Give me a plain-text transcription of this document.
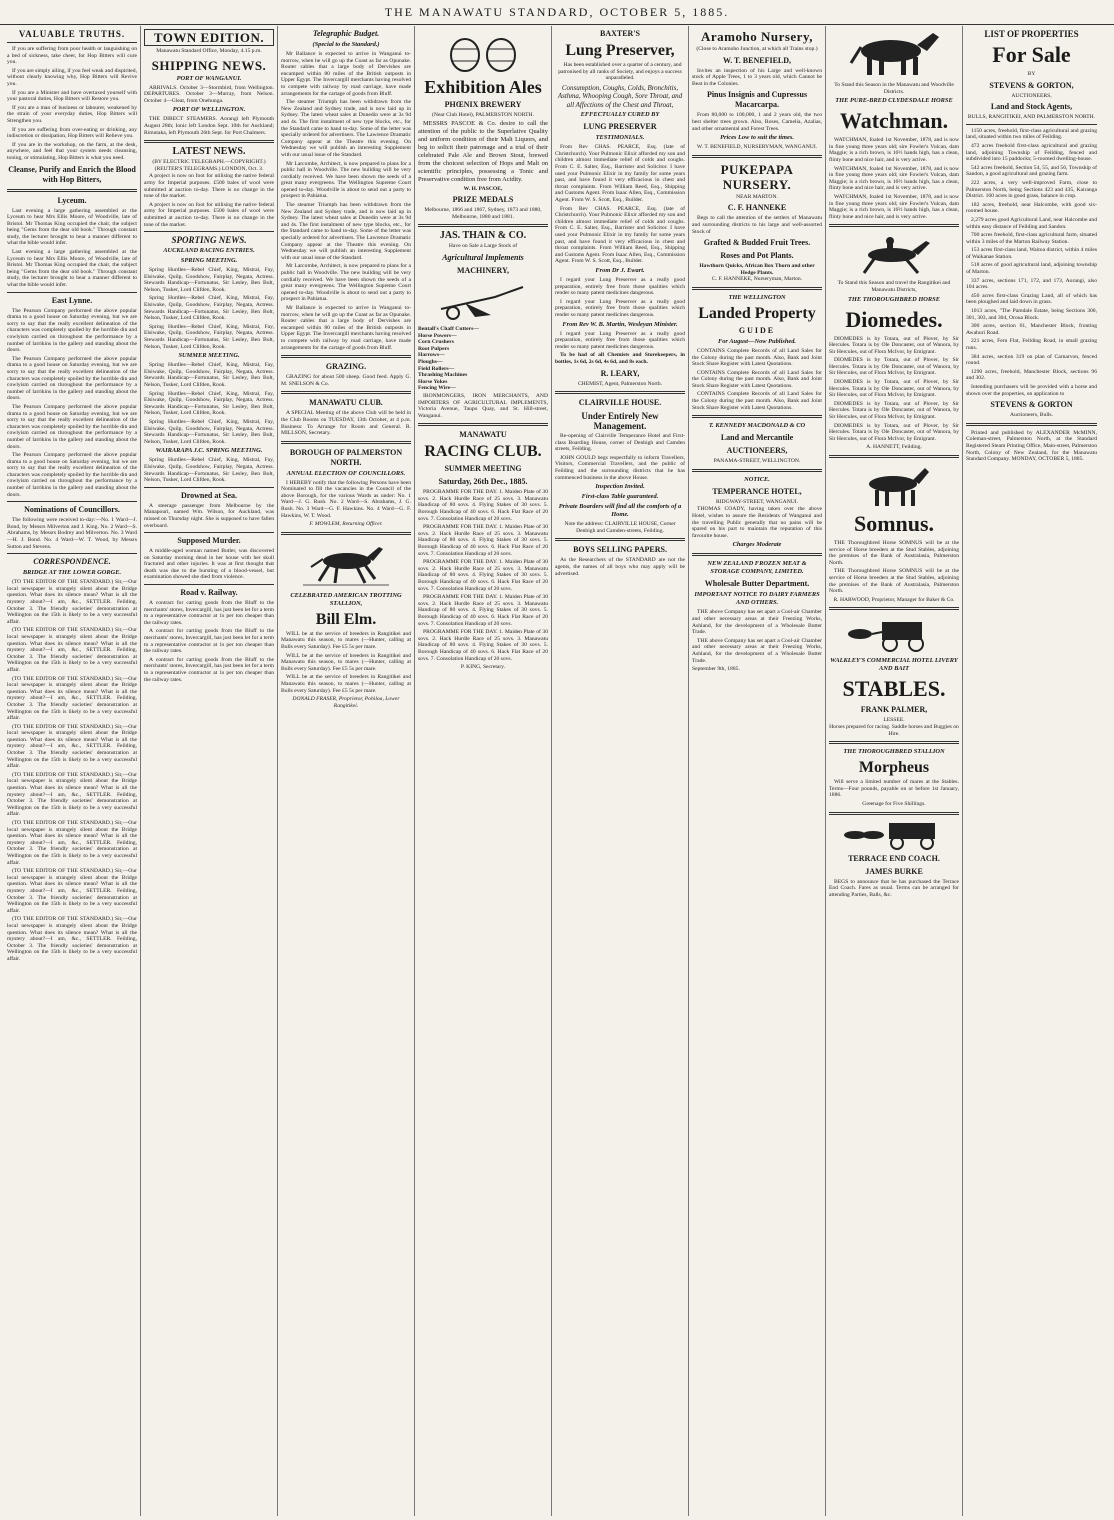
THE MANAWATU STANDARD, OCTOBER 5, 1885.
VALUABLE TRUTHS.
If you are suffering from poor health or languishing on a bed of sickness, take cheer, for Hop Bitters will cure you.
If you are simply ailing, if you feel weak and dispirited, without clearly knowing why, Hop Bitters will Revive you.
If you are a Minister and have overtaxed yourself with your pastoral duties, Hop Bitters will Restore you.
If you are a man of business or labourer, weakened by the strain of your everyday duties, Hop Bitters will Strengthen you.
If you are suffering from over-eating or drinking, any indiscretion or dissipation, Hop Bitters will Relieve you.
If you are in the workshop, on the farm, at the desk, anywhere, and feel that your system needs cleansing, toning, or stimulating, Hop Bitters is what you need.
Cleanse, Purify and Enrich the Blood with Hop Bitters,
Lyceum.
Last evening a large gathering assembled at the Lyceum to hear Mrs Ellis Moore, of Woodville, late of Bristol. Mr Thomas King occupied the chair, the subject being "Gems from the dear old book." Through constant study, the lecturer brought to bear a manner different to what the bible would infer.
Last evening a large gathering assembled at the Lyceum to hear Mrs Ellis Moore, of Woodville, late of Bristol. Mr Thomas King occupied the chair, the subject being "Gems from the dear old book." Through constant study, the lecturer brought to bear a manner different to what the bible would infer.
East Lynne.
The Pearson Company performed the above popular drama to a good house on Saturday evening, but we are sorry to say that the really excellent delineation of the characters was completely spoiled by the horrible din and cowlyism carried on throughout the performance by a number of larrikins in the gallery and standing about the doors.
The Pearson Company performed the above popular drama to a good house on Saturday evening, but we are sorry to say that the really excellent delineation of the characters was completely spoiled by the horrible din and cowlyism carried on throughout the performance by a number of larrikins in the gallery and standing about the doors.
The Pearson Company performed the above popular drama to a good house on Saturday evening, but we are sorry to say that the really excellent delineation of the characters was completely spoiled by the horrible din and cowlyism carried on throughout the performance by a number of larrikins in the gallery and standing about the doors.
The Pearson Company performed the above popular drama to a good house on Saturday evening, but we are sorry to say that the really excellent delineation of the characters was completely spoiled by the horrible din and cowlyism carried on throughout the performance by a number of larrikins in the gallery and standing about the doors.
Nominations of Councillors.
The following were received to-day:—No. 1 Ward—J. Bond, by Messrs Milverton and J. King. No. 2 Ward—S. Abrahams, by Messrs Bodrey and Milverton. No. 3 Ward—H. J. Bond. No. 4 Ward—W. T. Wood, by Messrs Sutton and Stevens.
CORRESPONDENCE.
BRIDGE AT THE LOWER GORGE.
(TO THE EDITOR OF THE STANDARD.) Sir,—Our local newspaper is strangely silent about the Bridge question. What does its silence mean? What is all the mystery about?—I am, &c., SETTLER. Feilding, October 3. The friendly societies' demonstration at Wellington on the 15th is likely to be a very successful affair.
(TO THE EDITOR OF THE STANDARD.) Sir,—Our local newspaper is strangely silent about the Bridge question. What does its silence mean? What is all the mystery about?—I am, &c., SETTLER. Feilding, October 3. The friendly societies' demonstration at Wellington on the 15th is likely to be a very successful affair.
(TO THE EDITOR OF THE STANDARD.) Sir,—Our local newspaper is strangely silent about the Bridge question. What does its silence mean? What is all the mystery about?—I am, &c., SETTLER. Feilding, October 3. The friendly societies' demonstration at Wellington on the 15th is likely to be a very successful affair.
(TO THE EDITOR OF THE STANDARD.) Sir,—Our local newspaper is strangely silent about the Bridge question. What does its silence mean? What is all the mystery about?—I am, &c., SETTLER. Feilding, October 3. The friendly societies' demonstration at Wellington on the 15th is likely to be a very successful affair.
(TO THE EDITOR OF THE STANDARD.) Sir,—Our local newspaper is strangely silent about the Bridge question. What does its silence mean? What is all the mystery about?—I am, &c., SETTLER. Feilding, October 3. The friendly societies' demonstration at Wellington on the 15th is likely to be a very successful affair.
(TO THE EDITOR OF THE STANDARD.) Sir,—Our local newspaper is strangely silent about the Bridge question. What does its silence mean? What is all the mystery about?—I am, &c., SETTLER. Feilding, October 3. The friendly societies' demonstration at Wellington on the 15th is likely to be a very successful affair.
(TO THE EDITOR OF THE STANDARD.) Sir,—Our local newspaper is strangely silent about the Bridge question. What does its silence mean? What is all the mystery about?—I am, &c., SETTLER. Feilding, October 3. The friendly societies' demonstration at Wellington on the 15th is likely to be a very successful affair.
(TO THE EDITOR OF THE STANDARD.) Sir,—Our local newspaper is strangely silent about the Bridge question. What does its silence mean? What is all the mystery about?—I am, &c., SETTLER. Feilding, October 3. The friendly societies' demonstration at Wellington on the 15th is likely to be a very successful affair.
TOWN EDITION.
Manawatu Standard Office, Monday, 4.15 p.m.
SHIPPING NEWS.
PORT OF WANGANUI.
ARRIVALS. October 3—Stormbird, from Wellington. DEPARTURES. October 3—Murray, from Nelson. October 4—Gleat, from Onehunga.
PORT OF WELLINGTON.
THE DIRECT STEAMERS. Aorangi left Plymouth August 28th; Ionic left London Sept. 10th for Auckland; Rimutaka, left Plymouth 26th Sept. for Port Chalmers.
LATEST NEWS.
(BY ELECTRIC TELEGRAPH.—COPYRIGHT.) (REUTER'S TELEGRAMS.) LONDON, Oct. 3.
A project is now on foot for utilising the native federal army for Imperial purposes. £500 bales of wool were submitted at auction to-day. There is no change in the tone of the market.
A project is now on foot for utilising the native federal army for Imperial purposes. £500 bales of wool were submitted at auction to-day. There is no change in the tone of the market.
SPORTING NEWS.
AUCKLAND RACING ENTRIES.
SPRING MEETING.
Spring Hurdles—Rebel Chief, King, Mistral, Fay, Elsiwake, Quilp, Goodshow, Fairplay, Negata, Actress. Stewards Handicap—Fortunatus, Sir Lesley, Ben Bolt, Nelson, Tusker, Lord Clifden, Rook.
Spring Hurdles—Rebel Chief, King, Mistral, Fay, Elsiwake, Quilp, Goodshow, Fairplay, Negata, Actress. Stewards Handicap—Fortunatus, Sir Lesley, Ben Bolt, Nelson, Tusker, Lord Clifden, Rook.
Spring Hurdles—Rebel Chief, King, Mistral, Fay, Elsiwake, Quilp, Goodshow, Fairplay, Negata, Actress. Stewards Handicap—Fortunatus, Sir Lesley, Ben Bolt, Nelson, Tusker, Lord Clifden, Rook.
SUMMER MEETING.
Spring Hurdles—Rebel Chief, King, Mistral, Fay, Elsiwake, Quilp, Goodshow, Fairplay, Negata, Actress. Stewards Handicap—Fortunatus, Sir Lesley, Ben Bolt, Nelson, Tusker, Lord Clifden, Rook.
Spring Hurdles—Rebel Chief, King, Mistral, Fay, Elsiwake, Quilp, Goodshow, Fairplay, Negata, Actress. Stewards Handicap—Fortunatus, Sir Lesley, Ben Bolt, Nelson, Tusker, Lord Clifden, Rook.
Spring Hurdles—Rebel Chief, King, Mistral, Fay, Elsiwake, Quilp, Goodshow, Fairplay, Negata, Actress. Stewards Handicap—Fortunatus, Sir Lesley, Ben Bolt, Nelson, Tusker, Lord Clifden, Rook.
WAIRARAPA J.C. SPRING MEETING.
Spring Hurdles—Rebel Chief, King, Mistral, Fay, Elsiwake, Quilp, Goodshow, Fairplay, Negata, Actress. Stewards Handicap—Fortunatus, Sir Lesley, Ben Bolt, Nelson, Tusker, Lord Clifden, Rook.
Drowned at Sea.
A steerage passenger from Melbourne by the Manapouri, named Wm. Wilson, for Auckland, was missed on Thursday night. She is supposed to have fallen overboard.
Supposed Murder.
A middle-aged woman named Butler, was discovered on Saturday morning dead in her house with her skull fractured and other injuries. It was at first thought that death was due to the bursting of a blood-vessel, but examination showed she died from violence.
Road v. Railway.
A contract for carting goods from the Bluff to the merchants' stores, Invercargill, has just been let for a term to a representative contractor at 1s per ton cheaper than the railway rates.
A contract for carting goods from the Bluff to the merchants' stores, Invercargill, has just been let for a term to a representative contractor at 1s per ton cheaper than the railway rates.
A contract for carting goods from the Bluff to the merchants' stores, Invercargill, has just been let for a term to a representative contractor at 1s per ton cheaper than the railway rates.
Telegraphic Budget.
(Special to the Standard.)
Mr Ballance is expected to arrive in Wanganui to-morrow, when he will go up the Coast as far as Opunake. Router cables that a large body of Dervishes are encamped within 80 miles of the British outposts in Upper Egypt. The Invercargill merchants having resolved to compete with railway by road carriage, have made arrangements for the cartage of goods from Bluff.
The steamer Triumph has been withdrawn from the New Zealand and Sydney trade, and is now laid up in Sydney. The latest wheat sales at Dunedin were at 3s 9d and 4s. The first instalment of new type blocks, etc., for the Standard came to hand to-day. Some of the letter was specially ordered for advertisers. The Lawrence Dramatic Company appear at the Theatre this evening. On Wednesday we will publish an interesting Supplement with our usual issue of the Standard.
Mr Larcombe, Architect, is now prepared to plans for a public hall in Woodville. The new building will be very cordially received. We have been shown the seeds of a great many evergreens. The Wellington Supreme Court opened to-day. Woodville is about to send out a party to prospect in Pahiatua.
The steamer Triumph has been withdrawn from the New Zealand and Sydney trade, and is now laid up in Sydney. The latest wheat sales at Dunedin were at 3s 9d and 4s. The first instalment of new type blocks, etc., for the Standard came to hand to-day. Some of the letter was specially ordered for advertisers. The Lawrence Dramatic Company appear at the Theatre this evening. On Wednesday we will publish an interesting Supplement with our usual issue of the Standard.
Mr Larcombe, Architect, is now prepared to plans for a public hall in Woodville. The new building will be very cordially received. We have been shown the seeds of a great many evergreens. The Wellington Supreme Court opened to-day. Woodville is about to send out a party to prospect in Pahiatua.
Mr Ballance is expected to arrive in Wanganui to-morrow, when he will go up the Coast as far as Opunake. Router cables that a large body of Dervishes are encamped within 80 miles of the British outposts in Upper Egypt. The Invercargill merchants having resolved to compete with railway by road carriage, have made arrangements for the cartage of goods from Bluff.
GRAZING.
GRAZING for about 500 sheep. Good feed. Apply G. M. SNELSON & Co.
MANAWATU CLUB.
A SPECIAL Meeting of the above Club will be held in the Club Rooms on TUESDAY, 13th October, at 4 p.m. Business: To Arrange for Room and General. R. MILLSON, Secretary.
BOROUGH OF PALMERSTON NORTH.
ANNUAL ELECTION OF COUNCILLORS.
I HEREBY notify that the following Persons have been Nominated to fill the vacancies in the Council of the above Borough, for the various Wards as under: No. 1 Ward—J. G. Rush. No. 2 Ward—S. Abrahams, J. G. Rush. No. 3 Ward—G. F. Hawkins. No. 4 Ward—G. F. Hawkins, W. T. Wood.
F. MOWLEM, Returning Officer.
CELEBRATED AMERICAN TROTTING STALLION,
Bill Elm.
WILL be at the service of breeders in Rangitikei and Manawatu this season, to mares (—Hunter, calling at Bulls every Saturday). Fee £5 5s per mare.
WILL be at the service of breeders in Rangitikei and Manawatu this season, to mares (—Hunter, calling at Bulls every Saturday). Fee £5 5s per mare.
WILL be at the service of breeders in Rangitikei and Manawatu this season, to mares (—Hunter, calling at Bulls every Saturday). Fee £5 5s per mare.
DONALD FRASER, Proprietor, Pohiloa, Lower Rangitikei.
Exhibition Ales
PHŒNIX BREWERY
(Near Club Hotel), PALMERSTON NORTH.
MESSRS PASCOE & Co. desire to call the attention of the public to the Superlative Quality and uniform condition of their Malt Liquors, and beg to solicit their patronage and a trial of their celebrated Pale Ale and Brown Stout, brewed from the choicest selection of Hops and Malt on scientific principles, possessing a Tonic and Preservative condition free from Acidity.
W. H. PASCOE,
PRIZE MEDALS
Melbourne, 1866 and 1867, Sydney, 1873 and 1880, Melbourne, 1880 and 1881.
JAS. THAIN & CO.
Have on Sale a Large Stock of
Agricultural Implements
MACHINERY,
Bentall's Chaff Cutters—
Horse Powers—
Corn Crushers
Root Pulpers
Harrows—
Ploughs—
Field Rollers—
Thrashing Machines
Horse Yokes
Fencing Wire—
IRONMONGERS, IRON MERCHANTS, AND IMPORTERS OF AGRICULTURAL IMPLEMENTS, Victoria Avenue, Taupo Quay, and St. Hill-street, Wanganui.
MANAWATU
RACING CLUB.
SUMMER MEETING
Saturday, 26th Dec., 1885.
PROGRAMME FOR THE DAY. 1. Maiden Plate of 30 sovs. 2. Hack Hurdle Race of 25 sovs. 3. Manawatu Handicap of 80 sovs. 4. Flying Stakes of 30 sovs. 5. Borough Handicap of 40 sovs. 6. Hack Flat Race of 20 sovs. 7. Consolation Handicap of 20 sovs.
PROGRAMME FOR THE DAY. 1. Maiden Plate of 30 sovs. 2. Hack Hurdle Race of 25 sovs. 3. Manawatu Handicap of 80 sovs. 4. Flying Stakes of 30 sovs. 5. Borough Handicap of 40 sovs. 6. Hack Flat Race of 20 sovs. 7. Consolation Handicap of 20 sovs.
PROGRAMME FOR THE DAY. 1. Maiden Plate of 30 sovs. 2. Hack Hurdle Race of 25 sovs. 3. Manawatu Handicap of 80 sovs. 4. Flying Stakes of 30 sovs. 5. Borough Handicap of 40 sovs. 6. Hack Flat Race of 20 sovs. 7. Consolation Handicap of 20 sovs.
PROGRAMME FOR THE DAY. 1. Maiden Plate of 30 sovs. 2. Hack Hurdle Race of 25 sovs. 3. Manawatu Handicap of 80 sovs. 4. Flying Stakes of 30 sovs. 5. Borough Handicap of 40 sovs. 6. Hack Flat Race of 20 sovs. 7. Consolation Handicap of 20 sovs.
PROGRAMME FOR THE DAY. 1. Maiden Plate of 30 sovs. 2. Hack Hurdle Race of 25 sovs. 3. Manawatu Handicap of 80 sovs. 4. Flying Stakes of 30 sovs. 5. Borough Handicap of 40 sovs. 6. Hack Flat Race of 20 sovs. 7. Consolation Handicap of 20 sovs.
P. KING, Secretary.
BAXTER'S
Lung Preserver,
Has been established over a quarter of a century, and patronised by all ranks of Society, and enjoys a success unparalleled.
Consumption, Coughs, Colds, Bronchitis, Asthma, Whooping Cough, Sore Throat, and all Affections of the Chest and Throat,
EFFECTUALLY CURED BY
LUNG PRESERVER
TESTIMONIALS.
From Rev CHAS. PEARCE, Esq. (late of Christchurch). Your Pulmonic Elixir afforded my son and children almost immediate relief of colds and coughs. From C. E. Salter, Esq., Barrister and Solicitor. I have used your Pulmonic Elixir in my family for some years past, and have found it very efficacious in chest and throat complaints. From William Reed, Esq., Shipping and Customs Agent. From Isaac Allen, Esq., Commission Agent. From W. S. Scott, Esq., Builder.
From Rev CHAS. PEARCE, Esq. (late of Christchurch). Your Pulmonic Elixir afforded my son and children almost immediate relief of colds and coughs. From C. E. Salter, Esq., Barrister and Solicitor. I have used your Pulmonic Elixir in my family for some years past, and have found it very efficacious in chest and throat complaints. From William Reed, Esq., Shipping and Customs Agent. From Isaac Allen, Esq., Commission Agent. From W. S. Scott, Esq., Builder.
From Dr J. Ewart.
I regard your Lung Preserver as a really good preparation, entirely free from those qualities which render so many patent medicines dangerous.
I regard your Lung Preserver as a really good preparation, entirely free from those qualities which render so many patent medicines dangerous.
From Rev W. B. Martin, Wesleyan Minister.
I regard your Lung Preserver as a really good preparation, entirely free from those qualities which render so many patent medicines dangerous.
To be had of all Chemists and Storekeepers, in bottles, 1s 6d, 2s 6d, 4s 6d, and 8s each.
R. LEARY,
CHEMIST, Agent, Palmerston North.
CLAIRVILLE HOUSE.
Under Entirely New Management.
Re-opening of Clairville Temperance Hotel and First-class Boarding House, corner of Denbigh and Camden streets, Feilding.
JOHN GOULD begs respectfully to inform Travellers, Visitors, Commercial Travellers, and the public of Feilding and the surrounding districts that he has commenced business in the above House.
Inspection Invited.
First-class Table guaranteed.
Private Boarders will find all the comforts of a Home.
Note the address: CLAIRVILLE HOUSE, Corner Denbigh and Camden-streets, Feilding.
BOYS SELLING PAPERS.
As the Researchers of the STANDARD are not the agents, the names of all boys who may apply will be advertised.
Aramoho Nursery,
(Close to Aramoho Junction, at which all Trains stop.)
W. T. BENEFIELD,
Invites an inspection of his Large and well-known stock of Apple Trees, 1 to 3 years old, which Cannot be Beat in the Colonies.
Pinus Insignis and Cupressus Macarcarpa.
From 80,000 to 100,000, 1 and 2 years old, the two best shelter trees grown. Also, Roses, Camelia, Azalias, and other ornamental and Forest Trees.
Prices Low to suit the times.
W. T. BENEFIELD, NURSERYMAN, WANGANUI.
PUKEPAPA NURSERY.
NEAR MARTON.
C. F. HANNEKE
Begs to call the attention of the settlers of Manawatu and surrounding districts to his large and well-assorted Stock of
Grafted & Budded Fruit Trees.
Roses and Pot Plants.
Hawthorn Quicks, African Box Thorn and other Hedge Plants.
C. F. HANNEKE, Nurseryman, Marton.
THE WELLINGTON
Landed Property
GUIDE
For August—Now Published.
CONTAINS Complete Records of all Land Sales for the Colony during the past month. Also, Bank and Joint Stock Share Register with Latest Quotations.
CONTAINS Complete Records of all Land Sales for the Colony during the past month. Also, Bank and Joint Stock Share Register with Latest Quotations.
CONTAINS Complete Records of all Land Sales for the Colony during the past month. Also, Bank and Joint Stock Share Register with Latest Quotations.
T. KENNEDY MACDONALD & CO
Land and Mercantile
AUCTIONEERS,
PANAMA-STREET, WELLINGTON.
NOTICE.
TEMPERANCE HOTEL,
RIDGWAY-STREET, WANGANUI.
THOMAS COADY, having taken over the above Hotel, wishes to assure the Residents of Wanganui and the travelling Public generally that no pains will be spared on his part to maintain the reputation of this favourite house.
Charges Moderate
NEW ZEALAND FROZEN MEAT & STORAGE COMPANY, LIMITED.
Wholesale Butter Department.
IMPORTANT NOTICE TO DAIRY FARMERS AND OTHERS.
THE above Company has set apart a Cool-air Chamber and other necessary areas at their Freezing Works, Ashland, for the development of a Wholesale Butter Trade.
THE above Company has set apart a Cool-air Chamber and other necessary areas at their Freezing Works, Ashland, for the development of a Wholesale Butter Trade.
September 9th, 1885.
To Stand this Season in the Manawatu and Woodville Districts.
THE PURE-BRED CLYDESDALE HORSE
Watchman.
WATCHMAN, foaled 1st November, 1878, and is now in fine young three years old; sire Fowler's Vulcan, dam Maggie; is a rich brown, is 16½ hands high, has a clean, flinty bone and nice hair, and is very active.
WATCHMAN, foaled 1st November, 1878, and is now in fine young three years old; sire Fowler's Vulcan, dam Maggie; is a rich brown, is 16½ hands high, has a clean, flinty bone and nice hair, and is very active.
WATCHMAN, foaled 1st November, 1878, and is now in fine young three years old; sire Fowler's Vulcan, dam Maggie; is a rich brown, is 16½ hands high, has a clean, flinty bone and nice hair, and is very active.
To Stand this Season and travel the Rangitikei and Manawatu Districts,
THE THOROUGHBRED HORSE
Diomedes.
DIOMEDES is by Totara, out of Plover, by Sir Hercules. Totara is by Ole Doncaster, out of Wanora, by Sir Hercules, out of Flora McIvor, by Emigrant.
DIOMEDES is by Totara, out of Plover, by Sir Hercules. Totara is by Ole Doncaster, out of Wanora, by Sir Hercules, out of Flora McIvor, by Emigrant.
DIOMEDES is by Totara, out of Plover, by Sir Hercules. Totara is by Ole Doncaster, out of Wanora, by Sir Hercules, out of Flora McIvor, by Emigrant.
DIOMEDES is by Totara, out of Plover, by Sir Hercules. Totara is by Ole Doncaster, out of Wanora, by Sir Hercules, out of Flora McIvor, by Emigrant.
DIOMEDES is by Totara, out of Plover, by Sir Hercules. Totara is by Ole Doncaster, out of Wanora, by Sir Hercules, out of Flora McIvor, by Emigrant.
A. HANNETT, Feilding.
Somnus.
THE Thoroughbred Horse SOMNUS will be at the service of Horse breeders at the Stud Stables, adjoining the premises of the Bank of Australasia, Palmerston North.
THE Thoroughbred Horse SOMNUS will be at the service of Horse breeders at the Stud Stables, adjoining the premises of the Bank of Australasia, Palmerston North.
R. HARWOOD, Proprietor, Manager for Baker & Co.
WALKLEY'S COMMERCIAL HOTEL LIVERY AND BAIT
STABLES.
FRANK PALMER,
LESSEE.
Horses prepared for racing. Saddle horses and Buggies on Hire.
THE THOROUGHBRED STALLION
Morpheus
Will serve a limited number of mares at the Stables. Terms—Four pounds, payable on or before 1st January, 1886.
Greenage for Five Shillings.
TERRACE END COACH.
JAMES BURKE
BEGS to announce that he has purchased the Terrace End Coach. Fares as usual. Terms can be arranged for attending Parties, Balls, &c.
LIST OF PROPERTIES
For Sale
BY
STEVENS & GORTON,
AUCTIONEERS,
Land and Stock Agents,
BULLS, RANGITIKEI, AND PALMERSTON NORTH.
1150 acres, freehold, first-class agricultural and grazing land, situated within two miles of Feilding.
472 acres freehold first-class agricultural and grazing land, adjoining Township of Feilding, fenced and subdivided into 15 paddocks; 5-roomed dwelling-house.
542 acres freehold, Section 54, 55, and 56, Township of Sandon, a good agricultural and grazing farm.
222 acres, a very well-improved Farm, close to Palmerston North, being Sections 423 and 435, Kairanga District. 160 acres in good grass, balance in crop.
182 acres, freehold, near Halcombe, with good six-roomed house.
2,279 acres good Agricultural Land, near Halcombe and within easy distance of Feilding and Sandon.
700 acres freehold, first-class agricultural farm, situated within 3 miles of the Marton Railway Station.
153 acres first-class land, Waitoa district, within 4 miles of Waikanae Station.
518 acres of good agricultural land, adjoining township of Marton.
337 acres, sections 171, 172, and 173, Aorangi, also 104 acres.
450 acres first-class Grazing Land, all of which has been ploughed and laid down in grass.
1013 acres, "The Pamdale Estate, being Sections 300, 301, 303, and 304, Oroua Block.
300 acres, section 61, Manchester Block, fronting Awahuri Road.
221 acres, Fern Flat, Feilding Road, in small grazing runs.
384 acres, section 319 on plan of Carnarvon, fenced round.
1290 acres, freehold, Manchester Block, sections 96 and 302.
Intending purchasers will be provided with a horse and shown over the properties, on application to
STEVENS & GORTON
Auctioneers, Bulls.
Printed and published by ALEXANDER McMINN, Coleman-street, Palmerston North, at the Standard Registered Steam Printing Office, Main-street, Palmerston North, Colony of New Zealand, for the Manawatu Standard Company. MONDAY, OCTOBER 5, 1885.
